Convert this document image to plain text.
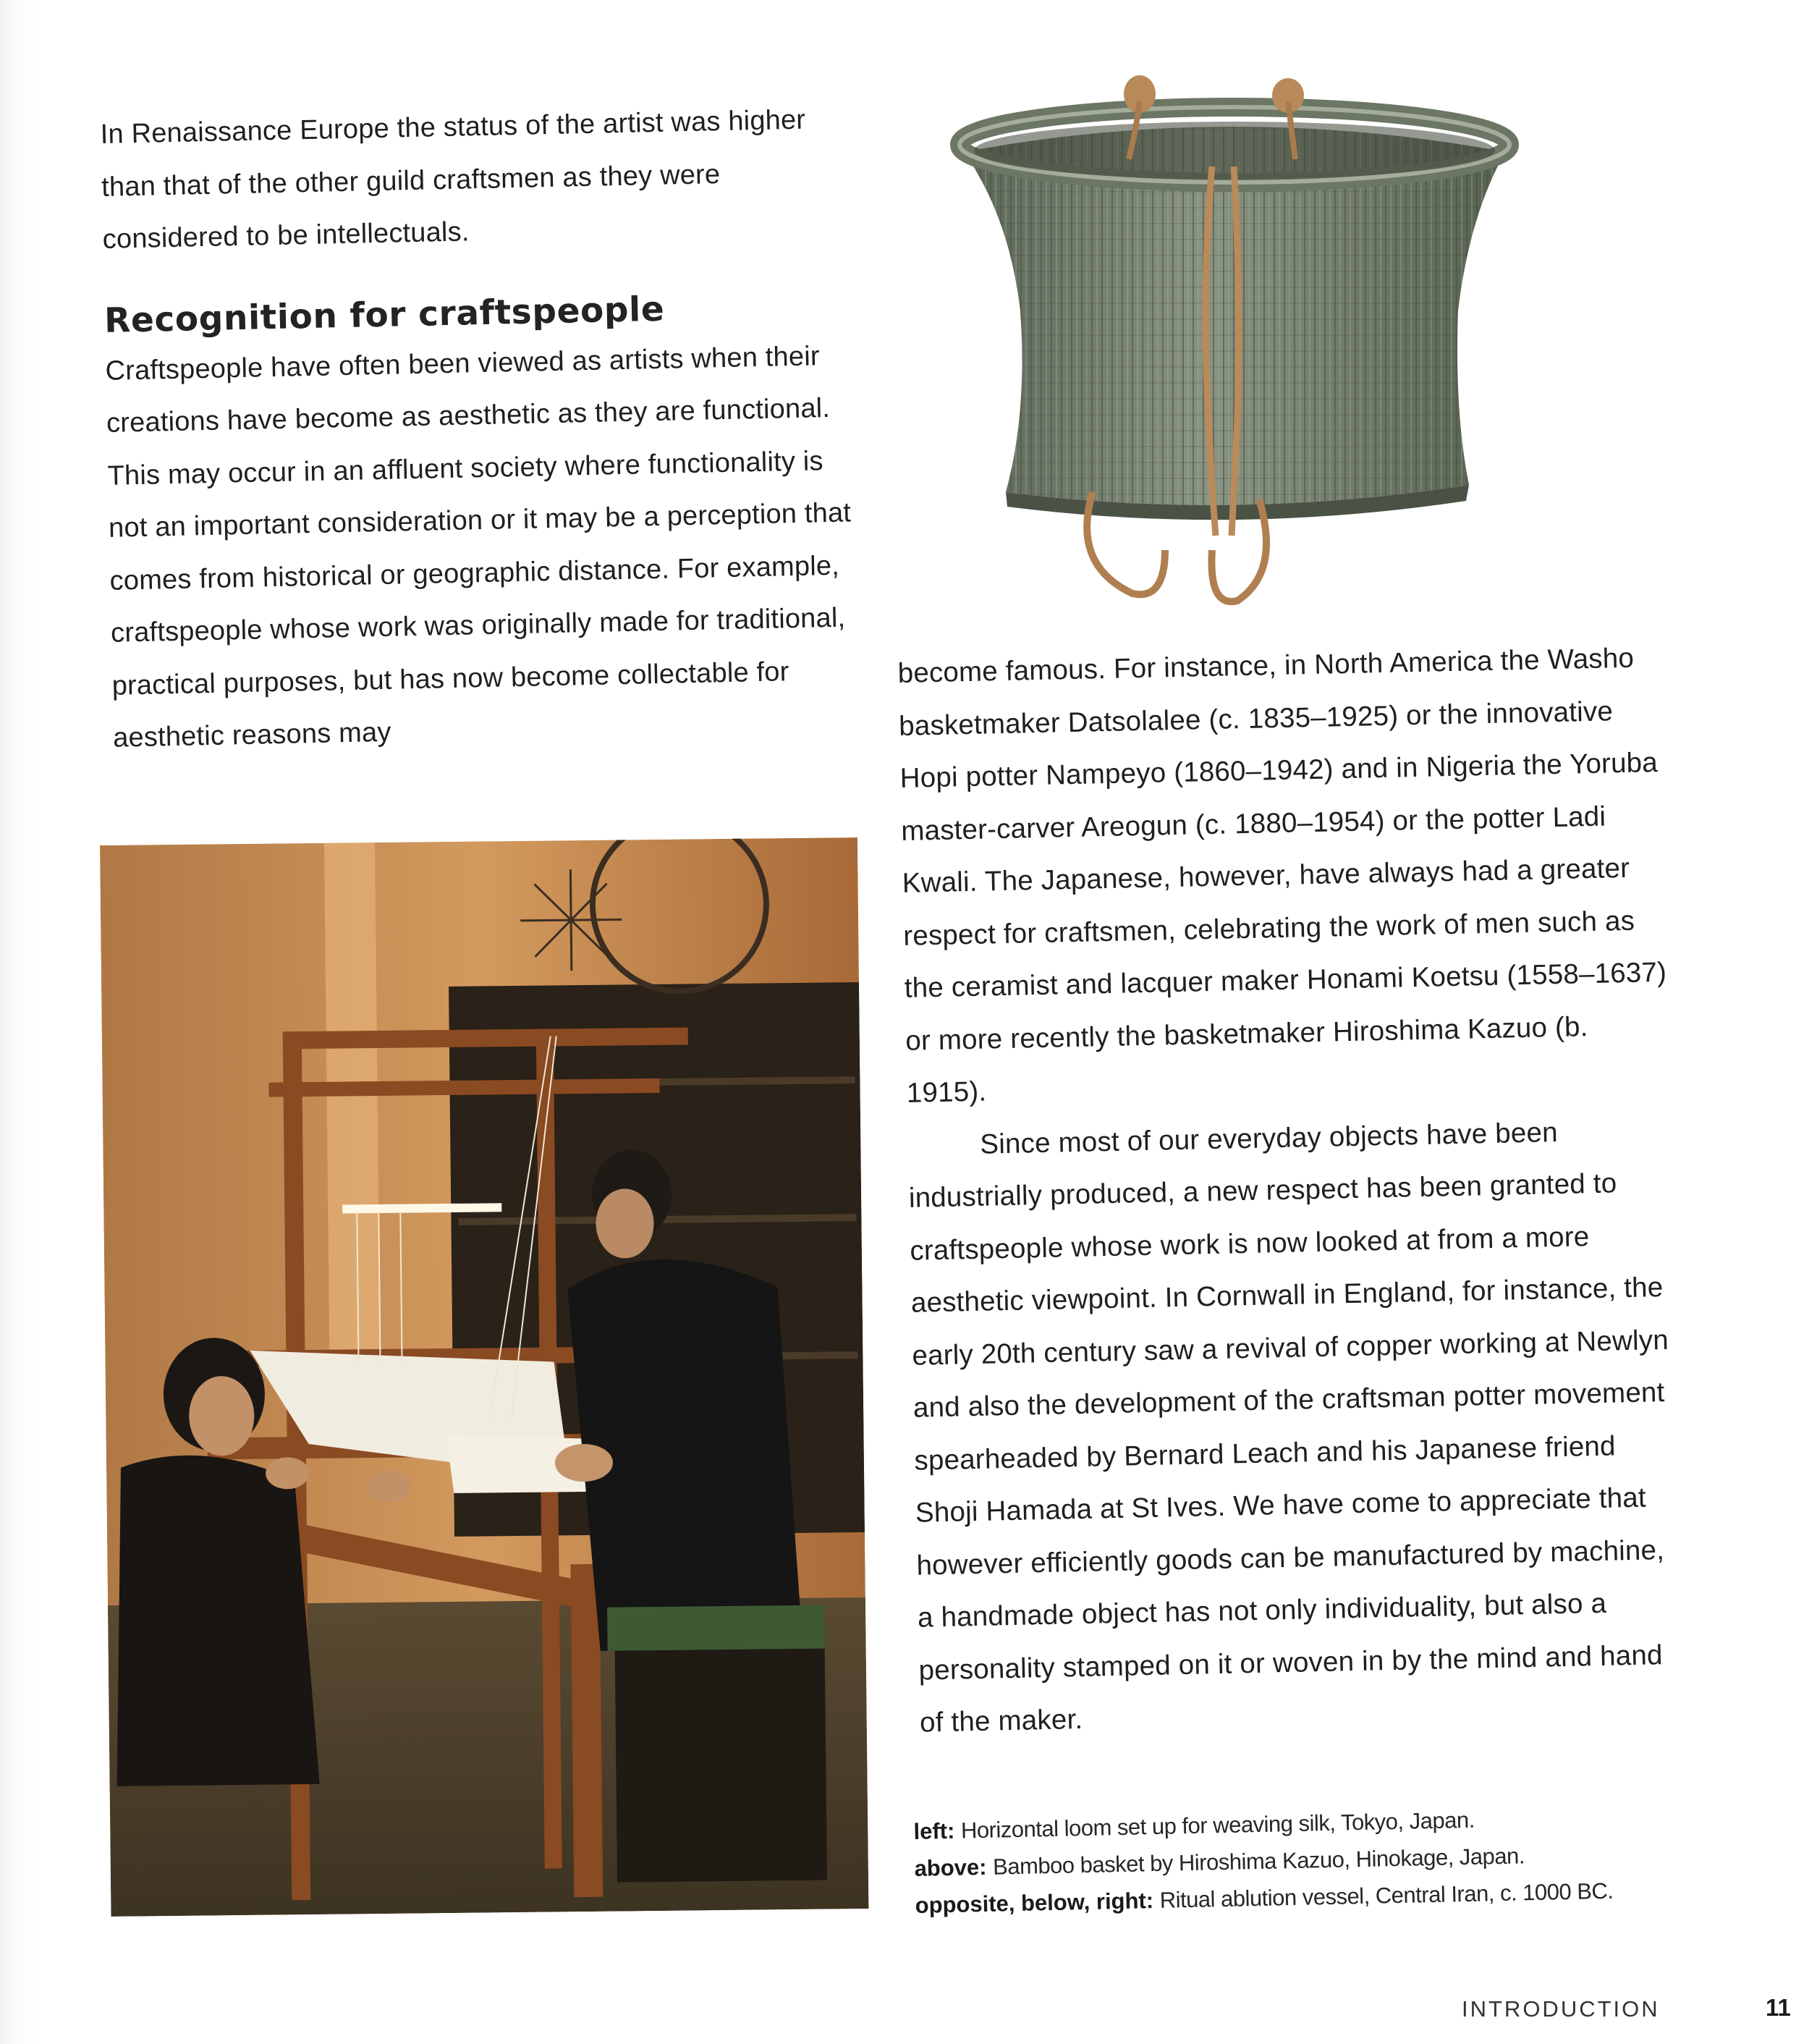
In Renaissance Europe the status of the artist was higher than that of the other guild craftsmen as they were considered to be intellectuals.

Recognition for craftspeople

Craftspeople have often been viewed as artists when their creations have become as aesthetic as they are functional. This may occur in an affluent society where functionality is not an important consideration or it may be a perception that comes from historical or geographic distance. For example, craftspeople whose work was originally made for traditional, practical purposes, but has now become collectable for aesthetic reasons may

become famous. For instance, in North America the Washo basketmaker Datsolalee (c. 1835–1925) or the innovative Hopi potter Nampeyo (1860–1942) and in Nigeria the Yoruba master-carver Areogun (c. 1880–1954) or the potter Ladi Kwali. The Japanese, however, have always had a greater respect for craftsmen, celebrating the work of men such as the ceramist and lacquer maker Honami Koetsu (1558–1637) or more recently the basketmaker Hiroshima Kazuo (b. 1915).

Since most of our everyday objects have been industrially produced, a new respect has been granted to craftspeople whose work is now looked at from a more aesthetic viewpoint. In Cornwall in England, for instance, the early 20th century saw a revival of copper working at Newlyn and also the development of the craftsman potter movement spearheaded by Bernard Leach and his Japanese friend Shoji Hamada at St Ives. We have come to appreciate that however efficiently goods can be manufactured by machine, a handmade object has not only individuality, but also a personality stamped on it or woven in by the mind and hand of the maker.

left: Horizontal loom set up for weaving silk, Tokyo, Japan.

above: Bamboo basket by Hiroshima Kazuo, Hinokage, Japan.

opposite, below, right: Ritual ablution vessel, Central Iran, c. 1000 BC.

INTRODUCTION	11
